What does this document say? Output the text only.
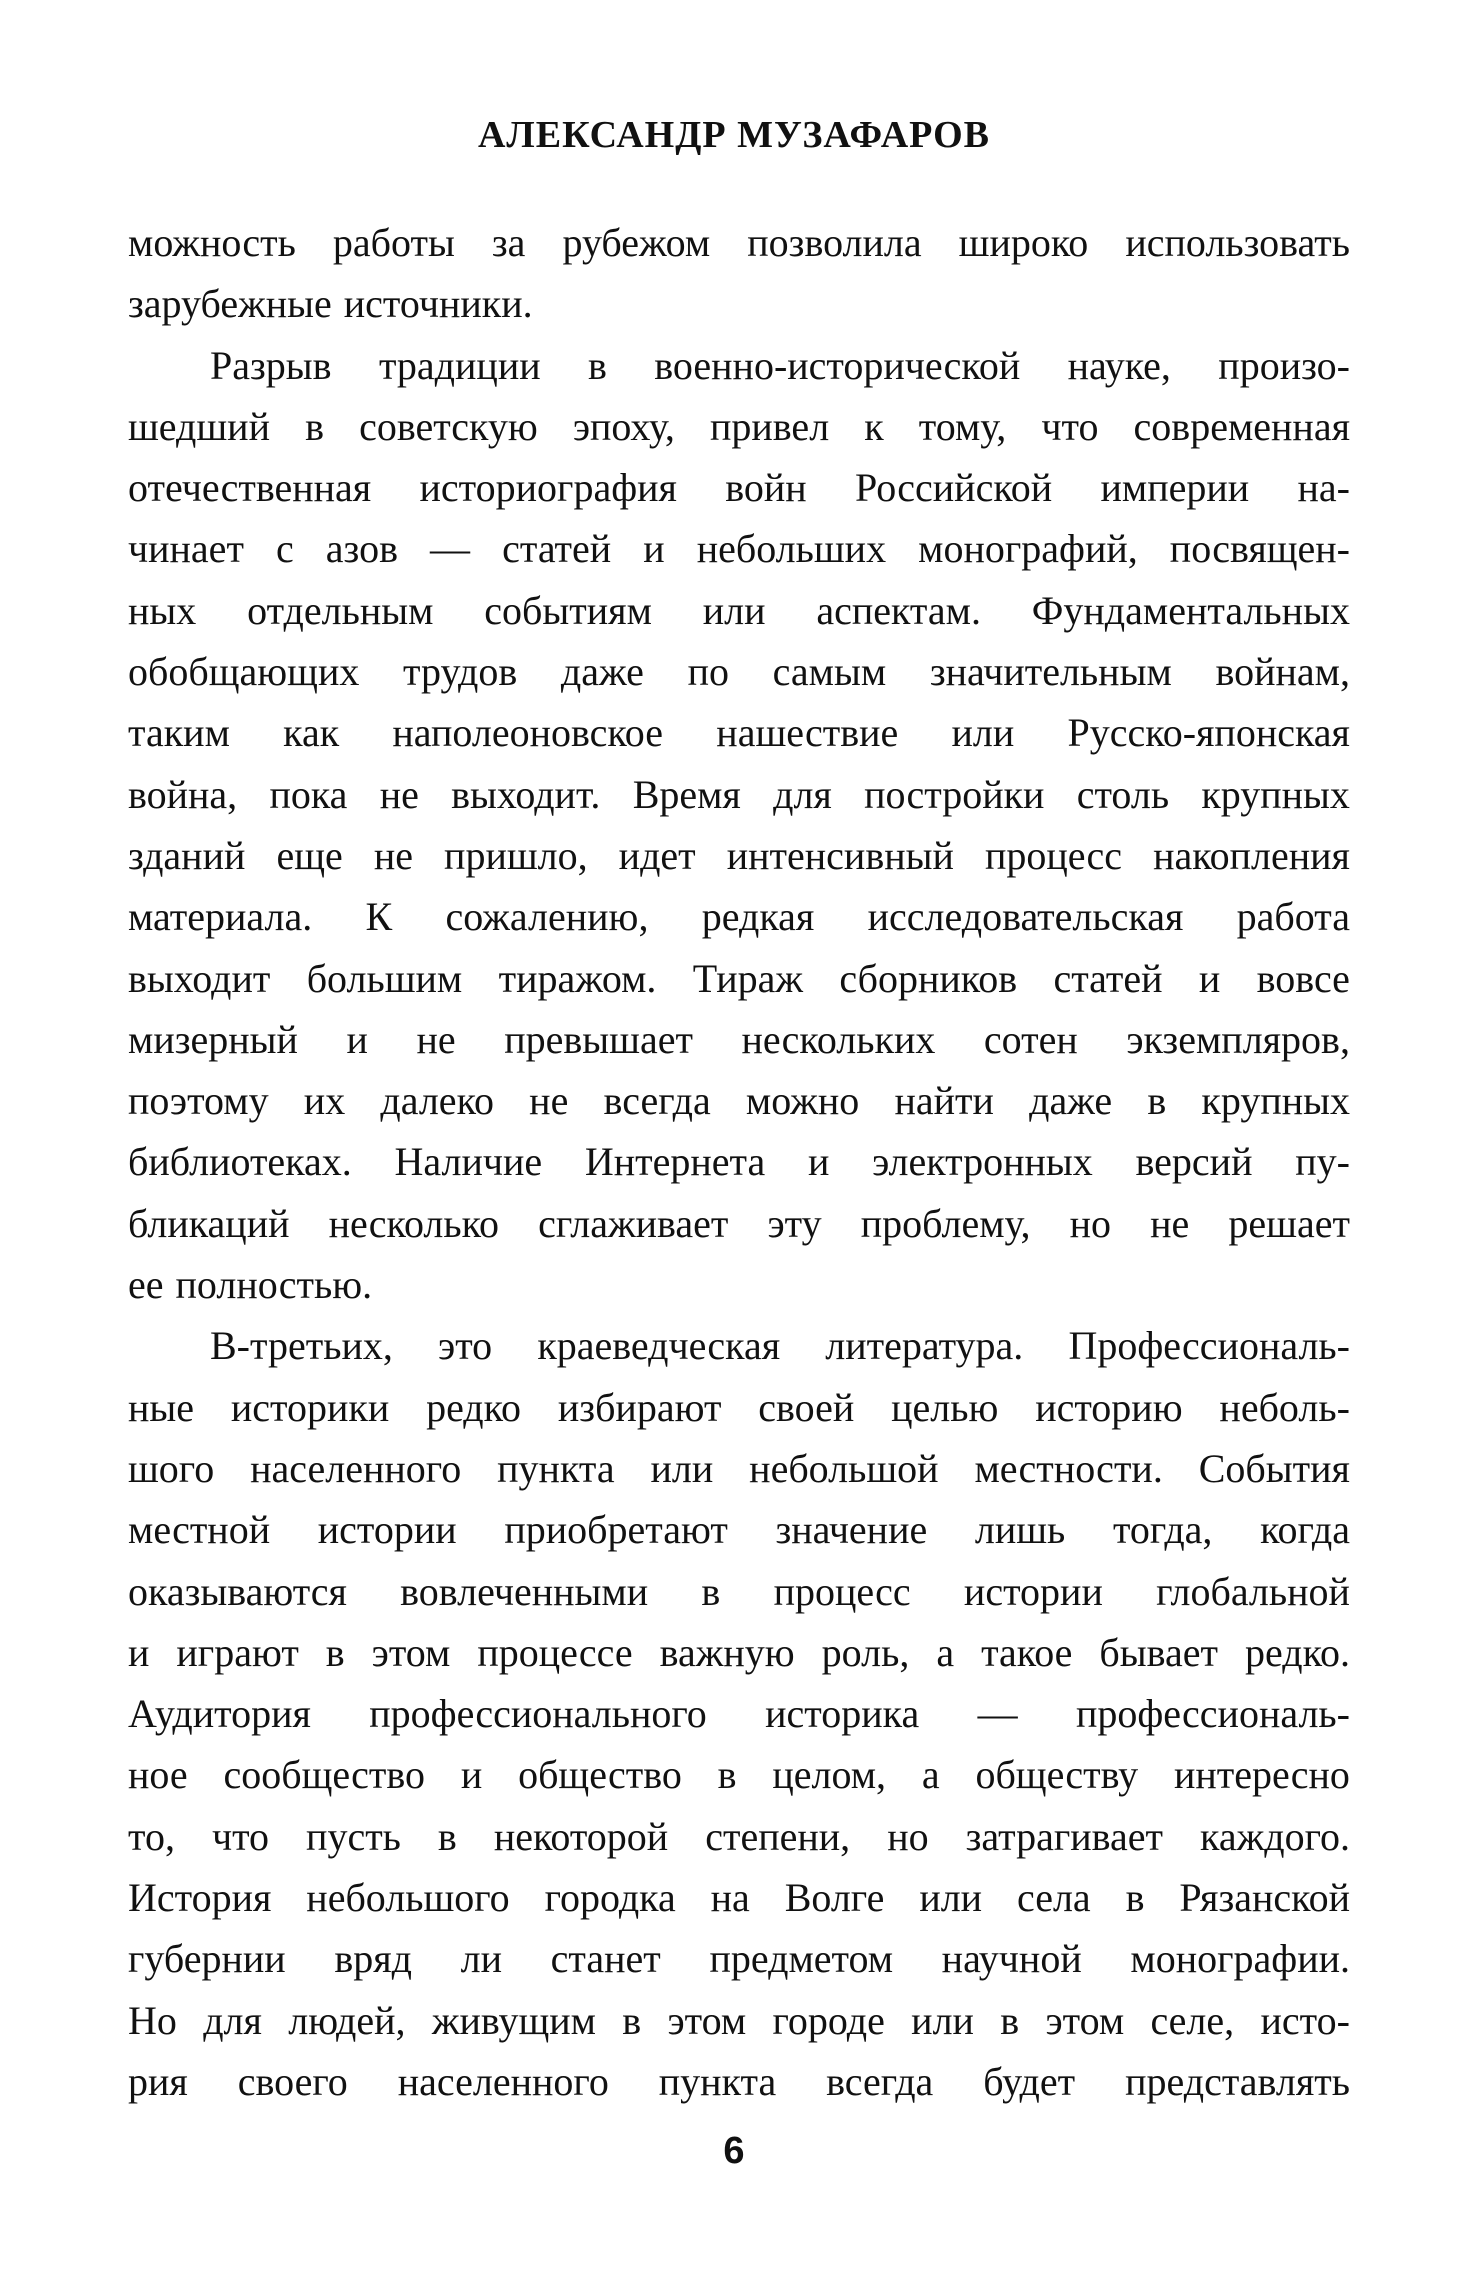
АЛЕКСАНДР МУЗАФАРОВ
можность работы за рубежом позволила широко использовать
зарубежные источники.
Разрыв традиции в военно-исторической науке, произо-
шедший в советскую эпоху, привел к тому, что современная
отечественная историография войн Российской империи на-
чинает с азов — статей и небольших монографий, посвящен-
ных отдельным событиям или аспектам. Фундаментальных
обобщающих трудов даже по самым значительным войнам,
таким как наполеоновское нашествие или Русско-японская
война, пока не выходит. Время для постройки столь крупных
зданий еще не пришло, идет интенсивный процесс накопления
материала. К сожалению, редкая исследовательская работа
выходит большим тиражом. Тираж сборников статей и вовсе
мизерный и не превышает нескольких сотен экземпляров,
поэтому их далеко не всегда можно найти даже в крупных
библиотеках. Наличие Интернета и электронных версий пу-
бликаций несколько сглаживает эту проблему, но не решает
ее полностью.
В-третьих, это краеведческая литература. Профессиональ-
ные историки редко избирают своей целью историю неболь-
шого населенного пункта или небольшой местности. События
местной истории приобретают значение лишь тогда, когда
оказываются вовлеченными в процесс истории глобальной
и играют в этом процессе важную роль, а такое бывает редко.
Аудитория профессионального историка — профессиональ-
ное сообщество и общество в целом, а обществу интересно
то, что пусть в некоторой степени, но затрагивает каждого.
История небольшого городка на Волге или села в Рязанской
губернии вряд ли станет предметом научной монографии.
Но для людей, живущим в этом городе или в этом селе, исто-
рия своего населенного пункта всегда будет представлять
6
